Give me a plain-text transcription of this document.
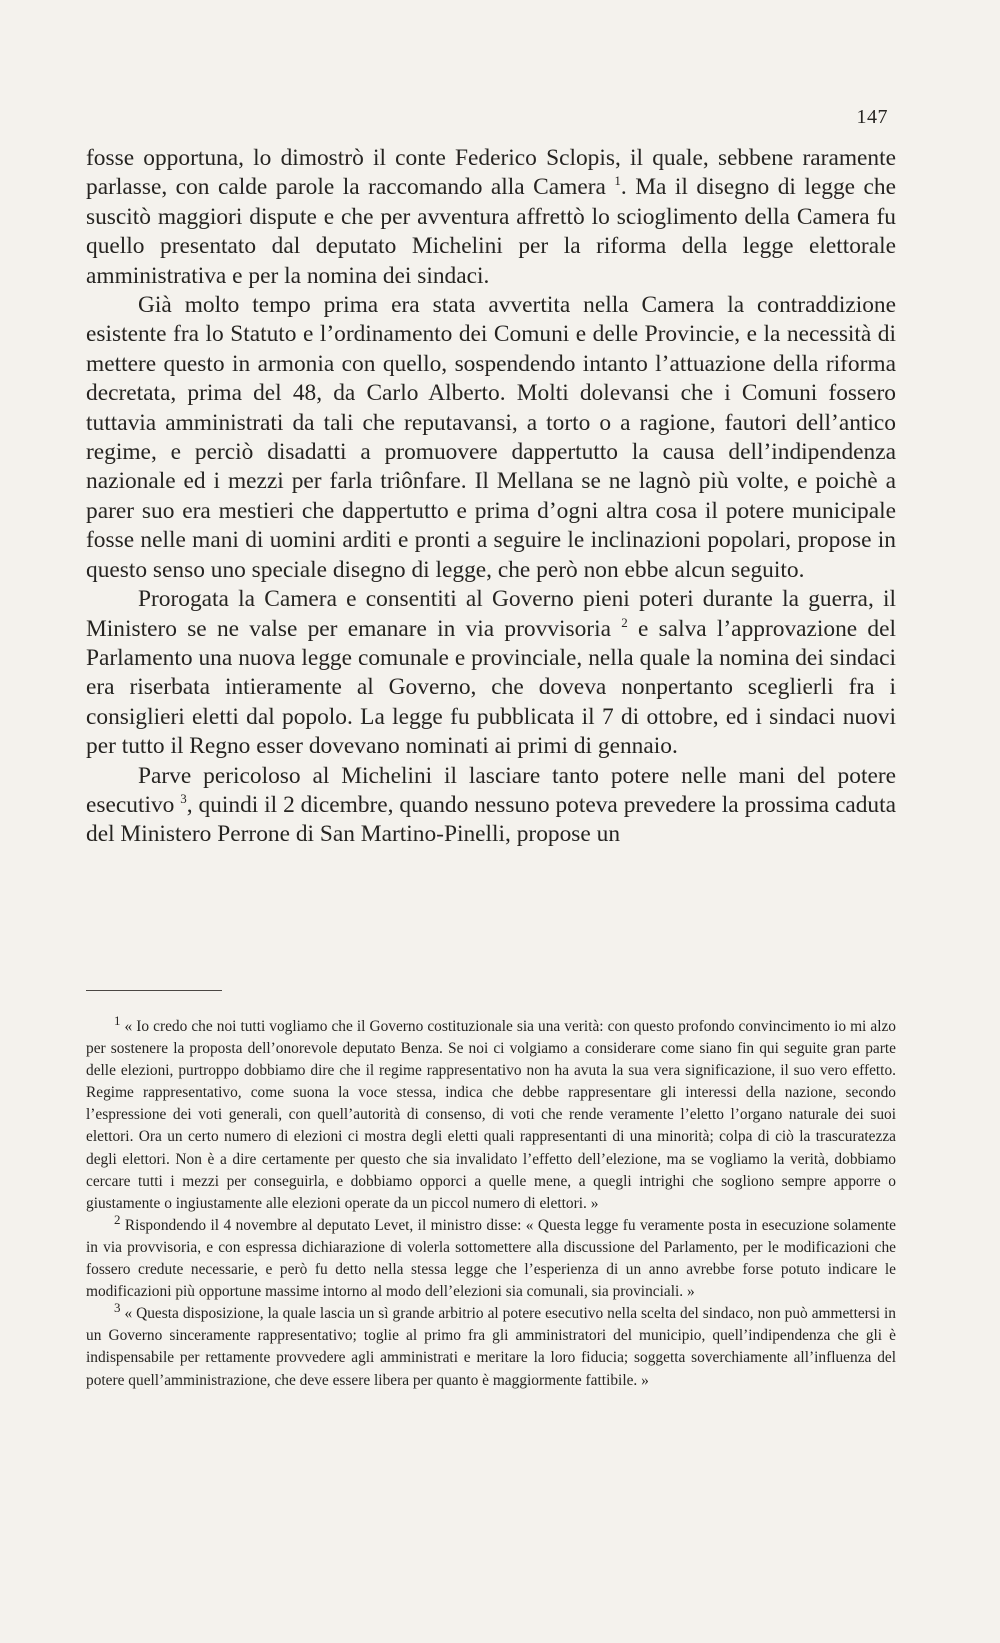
147

fosse opportuna, lo dimostrò il conte Federico Sclopis, il quale, sebbene raramente parlasse, con calde parole la raccomando alla Camera $^1$. Ma il disegno di legge che suscitò maggiori dispute e che per avventura affrettò lo scioglimento della Camera fu quello presentato dal deputato Michelini per la riforma della legge elettorale amministrativa e per la nomina dei sindaci.

Già molto tempo prima era stata avvertita nella Camera la contraddizione esistente fra lo Statuto e l’ordinamento dei Comuni e delle Provincie, e la necessità di mettere questo in armonia con quello, sospendendo intanto l’attuazione della riforma decretata, prima del 48, da Carlo Alberto. Molti dolevansi che i Comuni fossero tuttavia amministrati da tali che reputavansi, a torto o a ragione, fautori dell’antico regime, e perciò disadatti a promuovere dappertutto la causa dell’indipendenza nazionale ed i mezzi per farla triônfare. Il Mellana se ne lagnò più volte, e poichè a parer suo era mestieri che dappertutto e prima d’ogni altra cosa il potere municipale fosse nelle mani di uomini arditi e pronti a seguire le inclinazioni popolari, propose in questo senso uno speciale disegno di legge, che però non ebbe alcun seguito.

Prorogata la Camera e consentiti al Governo pieni poteri durante la guerra, il Ministero se ne valse per emanare in via provvisoria $^2$ e salva l’approvazione del Parlamento una nuova legge comunale e provinciale, nella quale la nomina dei sindaci era riserbata intieramente al Governo, che doveva nonpertanto sceglierli fra i consiglieri eletti dal popolo. La legge fu pubblicata il 7 di ottobre, ed i sindaci nuovi per tutto il Regno esser dovevano nominati ai primi di gennaio.

Parve pericoloso al Michelini il lasciare tanto potere nelle mani del potere esecutivo $^3$, quindi il 2 dicembre, quando nessuno poteva prevedere la prossima caduta del Ministero Perrone di San Martino-Pinelli, propose un

$^1$ « Io credo che noi tutti vogliamo che il Governo costituzionale sia una verità: con questo profondo convincimento io mi alzo per sostenere la proposta dell’onorevole deputato Benza. Se noi ci volgiamo a considerare come siano fin qui seguite gran parte delle elezioni, purtroppo dobbiamo dire che il regime rappresentativo non ha avuta la sua vera significazione, il suo vero effetto. Regime rappresentativo, come suona la voce stessa, indica che debbe rappresentare gli interessi della nazione, secondo l’espressione dei voti generali, con quell’autorità di consenso, di voti che rende veramente l’eletto l’organo naturale dei suoi elettori. Ora un certo numero di elezioni ci mostra degli eletti quali rappresentanti di una minorità; colpa di ciò la trascuratezza degli elettori. Non è a dire certamente per questo che sia invalidato l’effetto dell’elezione, ma se vogliamo la verità, dobbiamo cercare tutti i mezzi per conseguirla, e dobbiamo opporci a quelle mene, a quegli intrighi che sogliono sempre apporre o giustamente o ingiustamente alle elezioni operate da un piccol numero di elettori. »

$^2$ Rispondendo il 4 novembre al deputato Levet, il ministro disse: « Questa legge fu veramente posta in esecuzione solamente in via provvisoria, e con espressa dichiarazione di volerla sottomettere alla discussione del Parlamento, per le modificazioni che fossero credute necessarie, e però fu detto nella stessa legge che l’esperienza di un anno avrebbe forse potuto indicare le modificazioni più opportune massime intorno al modo dell’elezioni sia comunali, sia provinciali. »

$^3$ « Questa disposizione, la quale lascia un sì grande arbitrio al potere esecutivo nella scelta del sindaco, non può ammettersi in un Governo sinceramente rappresentativo; toglie al primo fra gli amministratori del municipio, quell’indipendenza che gli è indispensabile per rettamente provvedere agli amministrati e meritare la loro fiducia; soggetta soverchiamente all’influenza del potere quell’amministrazione, che deve essere libera per quanto è maggiormente fattibile. »
